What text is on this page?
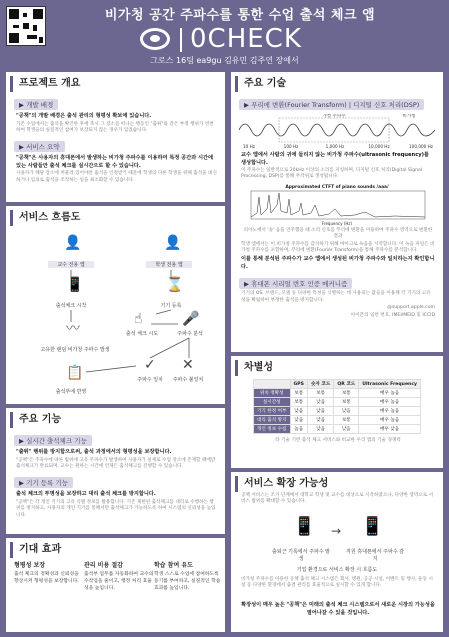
비가청 공간 주파수를 통한 수업 출석 체크 앱
0CHECK
그로스 16팀 ea9gu 김유민 김주연 장예서
프로젝트 개요
▶ 개발 배경
"공책"의 개발 배경은 출석 관리의 형평성 확보에 있습니다.
기존 수업에서는 출석을 확인한 후에 즉시 그 장소를 떠나는 행동인 "출튀"와 같은 부정 행위가 빈번하여 학생들의 실질적인 참여가 보장되지 않는 경우가 있었습니다.
▶ 서비스 요약
"공책"은 사용자의 휴대폰에서 발생하는 비가청 주파수를 이용하여 특정 공간과 시간에 있는 사람들만 출석 체크를 실시간으로 할 수 있습니다.
사용자가 해당 장소에 머물러 있어야만 출석을 인정받기 때문에 학생의 다른 학생을 위해 출석을 대신하거나 임의로 출석을 조작하는 일을 최소화할 수 있습니다.
서비스 흐름도
👤
교수 전용 앱
👤
학생 전용 앱
📱
출석체크 시작
⌛
기기 등록
〰
고유한 랜덤 비가청 주파수 발생
☝
출석 체크 시도
🎤
주파수 분석
📋
출석부에 반영
✓
주파수 일치
✕
주파수 불일치
주요 기능
▶ 실시간 출석체크 기능
"출튀" 행위를 방지함으로써, 출석 과정에서의 형평성을 보장합니다.
"공책"은 주파수에 따른 범위에 고유 주파수가 발생하여 사용자가 실제로 수업 장소에 존재할 때에만 출석체크가 완료되며, 교수는 원하는 시간에 언제든 출석체크를 진행할 수 있습니다.
▶ 기기 등록 기능
출석 체크의 투명성을 보장하고 대리 출석 체크를 방지합니다.
"공책"은 각 개인 기기의 고유 식별 정보를 활용합니다. 기존 제한된 출석체크를 대리로 수행하는 행위를 방지하고, 사용자의 개인 기기를 통해서만 출석체크가 가능하도록 하여 시스템의 신뢰성을 높입니다.
기대 효과
형평성 보장
출석 체크의 정확성과 신뢰성을 향상시켜 형평성을 보장합니다.
관리 비용 절감
출석부 업무를 자동화하여 교수의 수작업을 줄이고, 행정 처리 효율성을 높입니다.
학습 참여 유도
학생 스스로 수업에 참여하도록 동기를 부여하고, 실질적인 학습 효과를 높입니다.
주요 기술
▶ 푸리에 변환(Fourier Transform) | 디지털 신호 처리(DSP)
가청 주파수	비가청
10 Hz	100 Hz	1,000 Hz	10,000 Hz	100,000 Hz
교수 앱에서 사람의 귀에 들리지 않는 비가청 주파수(ultrasonic frequency)를 생성합니다.
이 주파수는 일반적으로 20kHz 이상의 소리를 지칭하며, 디지털 신호 처리(Digital Signal Processing, DSP)를 통해 무작위로 생성됩니다.
Approximated CTFT of piano sounds /aaa/
Frequency (Hz)
피아노에서 '솔' 음을 연주했을 때 소리 신호를 푸리에 변환을 이용하여 주파수 영역으로 변환한 결과
학생 앱에서는 이 비가청 주파수를 감지하기 위해 마이크로 녹음을 시작합니다. 이 녹음 파일은 비가청 주파수를 포함하며, 푸리에 변환(Fourier Transform)을 통해 주파수를 분석합니다.
이를 통해 분석된 주파수가 교수 앱에서 생성된 비가청 주파수와 일치하는지 확인합니다.
▶ 휴대폰 시리얼 번호 인증 메커니즘
기기의 OS, 브랜드, 모델 등 다양한 특성을 식별하는 데 사용되는 값들을 이용해 각 기기의 고유성을 확립하여 부정한 출석을 방지합니다.
@support.apple.com
아이폰의 일련 번호, IMEI/MEID 및 ICCID
차별성
	GPS	숫자 코드	QR 코드	Ultrasonic Frequency
위치 정확성	보통	보통	보통	매우 높음
실시간성	보통	낮음	보통	매우 높음
기기 한정 여부	낮음	낮음	낮음	매우 높음
대리 출석 방지	낮음	낮음	보통	매우 높음
개인 정보 수집	높음	낮음	낮음	매우 낮음
타 기술 기반 출석 체크 서비스와 비교한 우리 앱의 기술 경쟁력
서비스 확장 가능성
공책 서비스는 조기 단계에서 대학교 학생 및 교수를 대상으로 시작하였으나, 다양한 영역으로 서비스 범위를 확대할 수 있습니다.
📱
출퇴근 기록에서 주파수 발생
→ 📱
직원 휴대폰에서 주파수 감지
기업 환경으로 서비스 확장 시 흐름도
비가청 주파수를 이용한 공책 출석 체크 시스템은 회사, 병원, 공공 시설, 이벤트 및 행사, 운동 시설 등 다양한 환경에서 출결 관리를 효율적으로 실시할 수 있게 합니다.
확장성이 매우 높은 "공책"은 미래의 출석 체크 시스템으로서 새로운 시장의 가능성을 열어나갈 수 있을 것입니다.
